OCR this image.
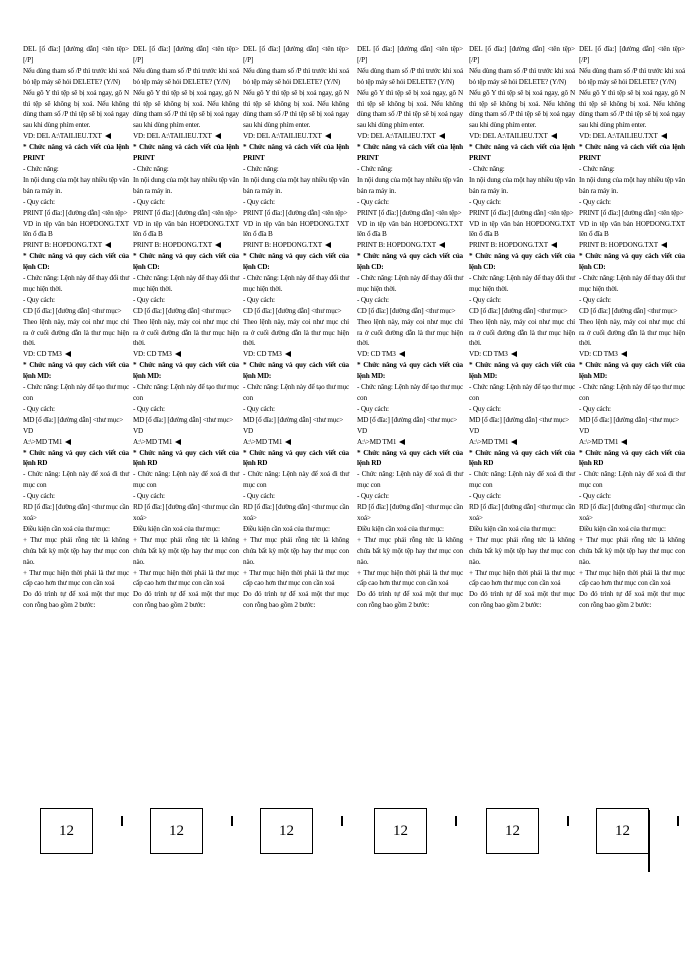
DEL [ổ đĩa:] [đường dẫn] <tên tệp> [/P]

Nếu dùng tham số /P thì trước khi xoá bỏ tệp máy sẽ hỏi DELETE? (Y/N)

Nếu gõ Y thì tệp sẽ bị xoá ngay, gõ N thì tệp sẽ không bị xoá. Nếu không dùng tham số /P thì tệp sẽ bị xoá ngay sau khi dùng phím enter.

VD: DEL A:\TAILIEU.TXT

* Chức năng và cách viết của lệnh PRINT

- Chức năng:

In nội dung của một hay nhiều tệp văn bản ra máy in.

- Quy cách:

PRINT [ổ đĩa:] [đường dẫn] <tên tệp>

VD in tệp văn bản HOPDONG.TXT lên ổ đĩa B

PRINT B: HOPDONG.TXT

* Chức năng và quy cách viết của lệnh CD:

- Chức năng: Lệnh này để thay đổi thư mục hiện thời.

- Quy cách:

CD [ổ đĩa:] [đường dẫn] <thư mục>

Theo lệnh này, máy coi như mục chỉ ra ở cuối đường dẫn là thư mục hiện thời.

VD: CD TM3

* Chức năng và quy cách viết của lệnh MD:

- Chức năng: Lệnh này để tạo thư mục con

- Quy cách:

MD [ổ đĩa:] [đường dẫn] <thư mục>

VD

A:\>MD TM1

* Chức năng và quy cách viết của lệnh RD

- Chức năng: Lệnh này để xoá đi thư mục con

- Quy cách:

RD [ổ đĩa:] [đường dẫn] <thư mục cần xoá>

Điều kiện cần xoá của thư mục:

+ Thư mục phải rỗng tức là không chứa bất kỳ một tệp hay thư mục con nào.

+ Thư mục hiện thời phải là thư mục cấp cao hơn thư mục con cần xoá

Do đó trình tự để xoá một thư mục con rỗng bao gồm 2 bước:

12

DEL [ổ đĩa:] [đường dẫn] <tên tệp> [/P]

Nếu dùng tham số /P thì trước khi xoá bỏ tệp máy sẽ hỏi DELETE? (Y/N)

Nếu gõ Y thì tệp sẽ bị xoá ngay, gõ N thì tệp sẽ không bị xoá. Nếu không dùng tham số /P thì tệp sẽ bị xoá ngay sau khi dùng phím enter.

VD: DEL A:\TAILIEU.TXT

* Chức năng và cách viết của lệnh PRINT

- Chức năng:

In nội dung của một hay nhiều tệp văn bản ra máy in.

- Quy cách:

PRINT [ổ đĩa:] [đường dẫn] <tên tệp>

VD in tệp văn bản HOPDONG.TXT lên ổ đĩa B

PRINT B: HOPDONG.TXT

* Chức năng và quy cách viết của lệnh CD:

- Chức năng: Lệnh này để thay đổi thư mục hiện thời.

- Quy cách:

CD [ổ đĩa:] [đường dẫn] <thư mục>

Theo lệnh này, máy coi như mục chỉ ra ở cuối đường dẫn là thư mục hiện thời.

VD: CD TM3

* Chức năng và quy cách viết của lệnh MD:

- Chức năng: Lệnh này để tạo thư mục con

- Quy cách:

MD [ổ đĩa:] [đường dẫn] <thư mục>

VD

A:\>MD TM1

* Chức năng và quy cách viết của lệnh RD

- Chức năng: Lệnh này để xoá đi thư mục con

- Quy cách:

RD [ổ đĩa:] [đường dẫn] <thư mục cần xoá>

Điều kiện cần xoá của thư mục:

+ Thư mục phải rỗng tức là không chứa bất kỳ một tệp hay thư mục con nào.

+ Thư mục hiện thời phải là thư mục cấp cao hơn thư mục con cần xoá

Do đó trình tự để xoá một thư mục con rỗng bao gồm 2 bước:

12

DEL [ổ đĩa:] [đường dẫn] <tên tệp> [/P]

Nếu dùng tham số /P thì trước khi xoá bỏ tệp máy sẽ hỏi DELETE? (Y/N)

Nếu gõ Y thì tệp sẽ bị xoá ngay, gõ N thì tệp sẽ không bị xoá. Nếu không dùng tham số /P thì tệp sẽ bị xoá ngay sau khi dùng phím enter.

VD: DEL A:\TAILIEU.TXT

* Chức năng và cách viết của lệnh PRINT

- Chức năng:

In nội dung của một hay nhiều tệp văn bản ra máy in.

- Quy cách:

PRINT [ổ đĩa:] [đường dẫn] <tên tệp>

VD in tệp văn bản HOPDONG.TXT lên ổ đĩa B

PRINT B: HOPDONG.TXT

* Chức năng và quy cách viết của lệnh CD:

- Chức năng: Lệnh này để thay đổi thư mục hiện thời.

- Quy cách:

CD [ổ đĩa:] [đường dẫn] <thư mục>

Theo lệnh này, máy coi như mục chỉ ra ở cuối đường dẫn là thư mục hiện thời.

VD: CD TM3

* Chức năng và quy cách viết của lệnh MD:

- Chức năng: Lệnh này để tạo thư mục con

- Quy cách:

MD [ổ đĩa:] [đường dẫn] <thư mục>

VD

A:\>MD TM1

* Chức năng và quy cách viết của lệnh RD

- Chức năng: Lệnh này để xoá đi thư mục con

- Quy cách:

RD [ổ đĩa:] [đường dẫn] <thư mục cần xoá>

Điều kiện cần xoá của thư mục:

+ Thư mục phải rỗng tức là không chứa bất kỳ một tệp hay thư mục con nào.

+ Thư mục hiện thời phải là thư mục cấp cao hơn thư mục con cần xoá

Do đó trình tự để xoá một thư mục con rỗng bao gồm 2 bước:

12

DEL [ổ đĩa:] [đường dẫn] <tên tệp> [/P]

Nếu dùng tham số /P thì trước khi xoá bỏ tệp máy sẽ hỏi DELETE? (Y/N)

Nếu gõ Y thì tệp sẽ bị xoá ngay, gõ N thì tệp sẽ không bị xoá. Nếu không dùng tham số /P thì tệp sẽ bị xoá ngay sau khi dùng phím enter.

VD: DEL A:\TAILIEU.TXT

* Chức năng và cách viết của lệnh PRINT

- Chức năng:

In nội dung của một hay nhiều tệp văn bản ra máy in.

- Quy cách:

PRINT [ổ đĩa:] [đường dẫn] <tên tệp>

VD in tệp văn bản HOPDONG.TXT lên ổ đĩa B

PRINT B: HOPDONG.TXT

* Chức năng và quy cách viết của lệnh CD:

- Chức năng: Lệnh này để thay đổi thư mục hiện thời.

- Quy cách:

CD [ổ đĩa:] [đường dẫn] <thư mục>

Theo lệnh này, máy coi như mục chỉ ra ở cuối đường dẫn là thư mục hiện thời.

VD: CD TM3

* Chức năng và quy cách viết của lệnh MD:

- Chức năng: Lệnh này để tạo thư mục con

- Quy cách:

MD [ổ đĩa:] [đường dẫn] <thư mục>

VD

A:\>MD TM1

* Chức năng và quy cách viết của lệnh RD

- Chức năng: Lệnh này để xoá đi thư mục con

- Quy cách:

RD [ổ đĩa:] [đường dẫn] <thư mục cần xoá>

Điều kiện cần xoá của thư mục:

+ Thư mục phải rỗng tức là không chứa bất kỳ một tệp hay thư mục con nào.

+ Thư mục hiện thời phải là thư mục cấp cao hơn thư mục con cần xoá

Do đó trình tự để xoá một thư mục con rỗng bao gồm 2 bước:

12

DEL [ổ đĩa:] [đường dẫn] <tên tệp> [/P]

Nếu dùng tham số /P thì trước khi xoá bỏ tệp máy sẽ hỏi DELETE? (Y/N)

Nếu gõ Y thì tệp sẽ bị xoá ngay, gõ N thì tệp sẽ không bị xoá. Nếu không dùng tham số /P thì tệp sẽ bị xoá ngay sau khi dùng phím enter.

VD: DEL A:\TAILIEU.TXT

* Chức năng và cách viết của lệnh PRINT

- Chức năng:

In nội dung của một hay nhiều tệp văn bản ra máy in.

- Quy cách:

PRINT [ổ đĩa:] [đường dẫn] <tên tệp>

VD in tệp văn bản HOPDONG.TXT lên ổ đĩa B

PRINT B: HOPDONG.TXT

* Chức năng và quy cách viết của lệnh CD:

- Chức năng: Lệnh này để thay đổi thư mục hiện thời.

- Quy cách:

CD [ổ đĩa:] [đường dẫn] <thư mục>

Theo lệnh này, máy coi như mục chỉ ra ở cuối đường dẫn là thư mục hiện thời.

VD: CD TM3

* Chức năng và quy cách viết của lệnh MD:

- Chức năng: Lệnh này để tạo thư mục con

- Quy cách:

MD [ổ đĩa:] [đường dẫn] <thư mục>

VD

A:\>MD TM1

* Chức năng và quy cách viết của lệnh RD

- Chức năng: Lệnh này để xoá đi thư mục con

- Quy cách:

RD [ổ đĩa:] [đường dẫn] <thư mục cần xoá>

Điều kiện cần xoá của thư mục:

+ Thư mục phải rỗng tức là không chứa bất kỳ một tệp hay thư mục con nào.

+ Thư mục hiện thời phải là thư mục cấp cao hơn thư mục con cần xoá

Do đó trình tự để xoá một thư mục con rỗng bao gồm 2 bước:

12

DEL [ổ đĩa:] [đường dẫn] <tên tệp> [/P]

Nếu dùng tham số /P thì trước khi xoá bỏ tệp máy sẽ hỏi DELETE? (Y/N)

Nếu gõ Y thì tệp sẽ bị xoá ngay, gõ N thì tệp sẽ không bị xoá. Nếu không dùng tham số /P thì tệp sẽ bị xoá ngay sau khi dùng phím enter.

VD: DEL A:\TAILIEU.TXT

* Chức năng và cách viết của lệnh PRINT

- Chức năng:

In nội dung của một hay nhiều tệp văn bản ra máy in.

- Quy cách:

PRINT [ổ đĩa:] [đường dẫn] <tên tệp>

VD in tệp văn bản HOPDONG.TXT lên ổ đĩa B

PRINT B: HOPDONG.TXT

* Chức năng và quy cách viết của lệnh CD:

- Chức năng: Lệnh này để thay đổi thư mục hiện thời.

- Quy cách:

CD [ổ đĩa:] [đường dẫn] <thư mục>

Theo lệnh này, máy coi như mục chỉ ra ở cuối đường dẫn là thư mục hiện thời.

VD: CD TM3

* Chức năng và quy cách viết của lệnh MD:

- Chức năng: Lệnh này để tạo thư mục con

- Quy cách:

MD [ổ đĩa:] [đường dẫn] <thư mục>

VD

A:\>MD TM1

* Chức năng và quy cách viết của lệnh RD

- Chức năng: Lệnh này để xoá đi thư mục con

- Quy cách:

RD [ổ đĩa:] [đường dẫn] <thư mục cần xoá>

Điều kiện cần xoá của thư mục:

+ Thư mục phải rỗng tức là không chứa bất kỳ một tệp hay thư mục con nào.

+ Thư mục hiện thời phải là thư mục cấp cao hơn thư mục con cần xoá

Do đó trình tự để xoá một thư mục con rỗng bao gồm 2 bước:

12
